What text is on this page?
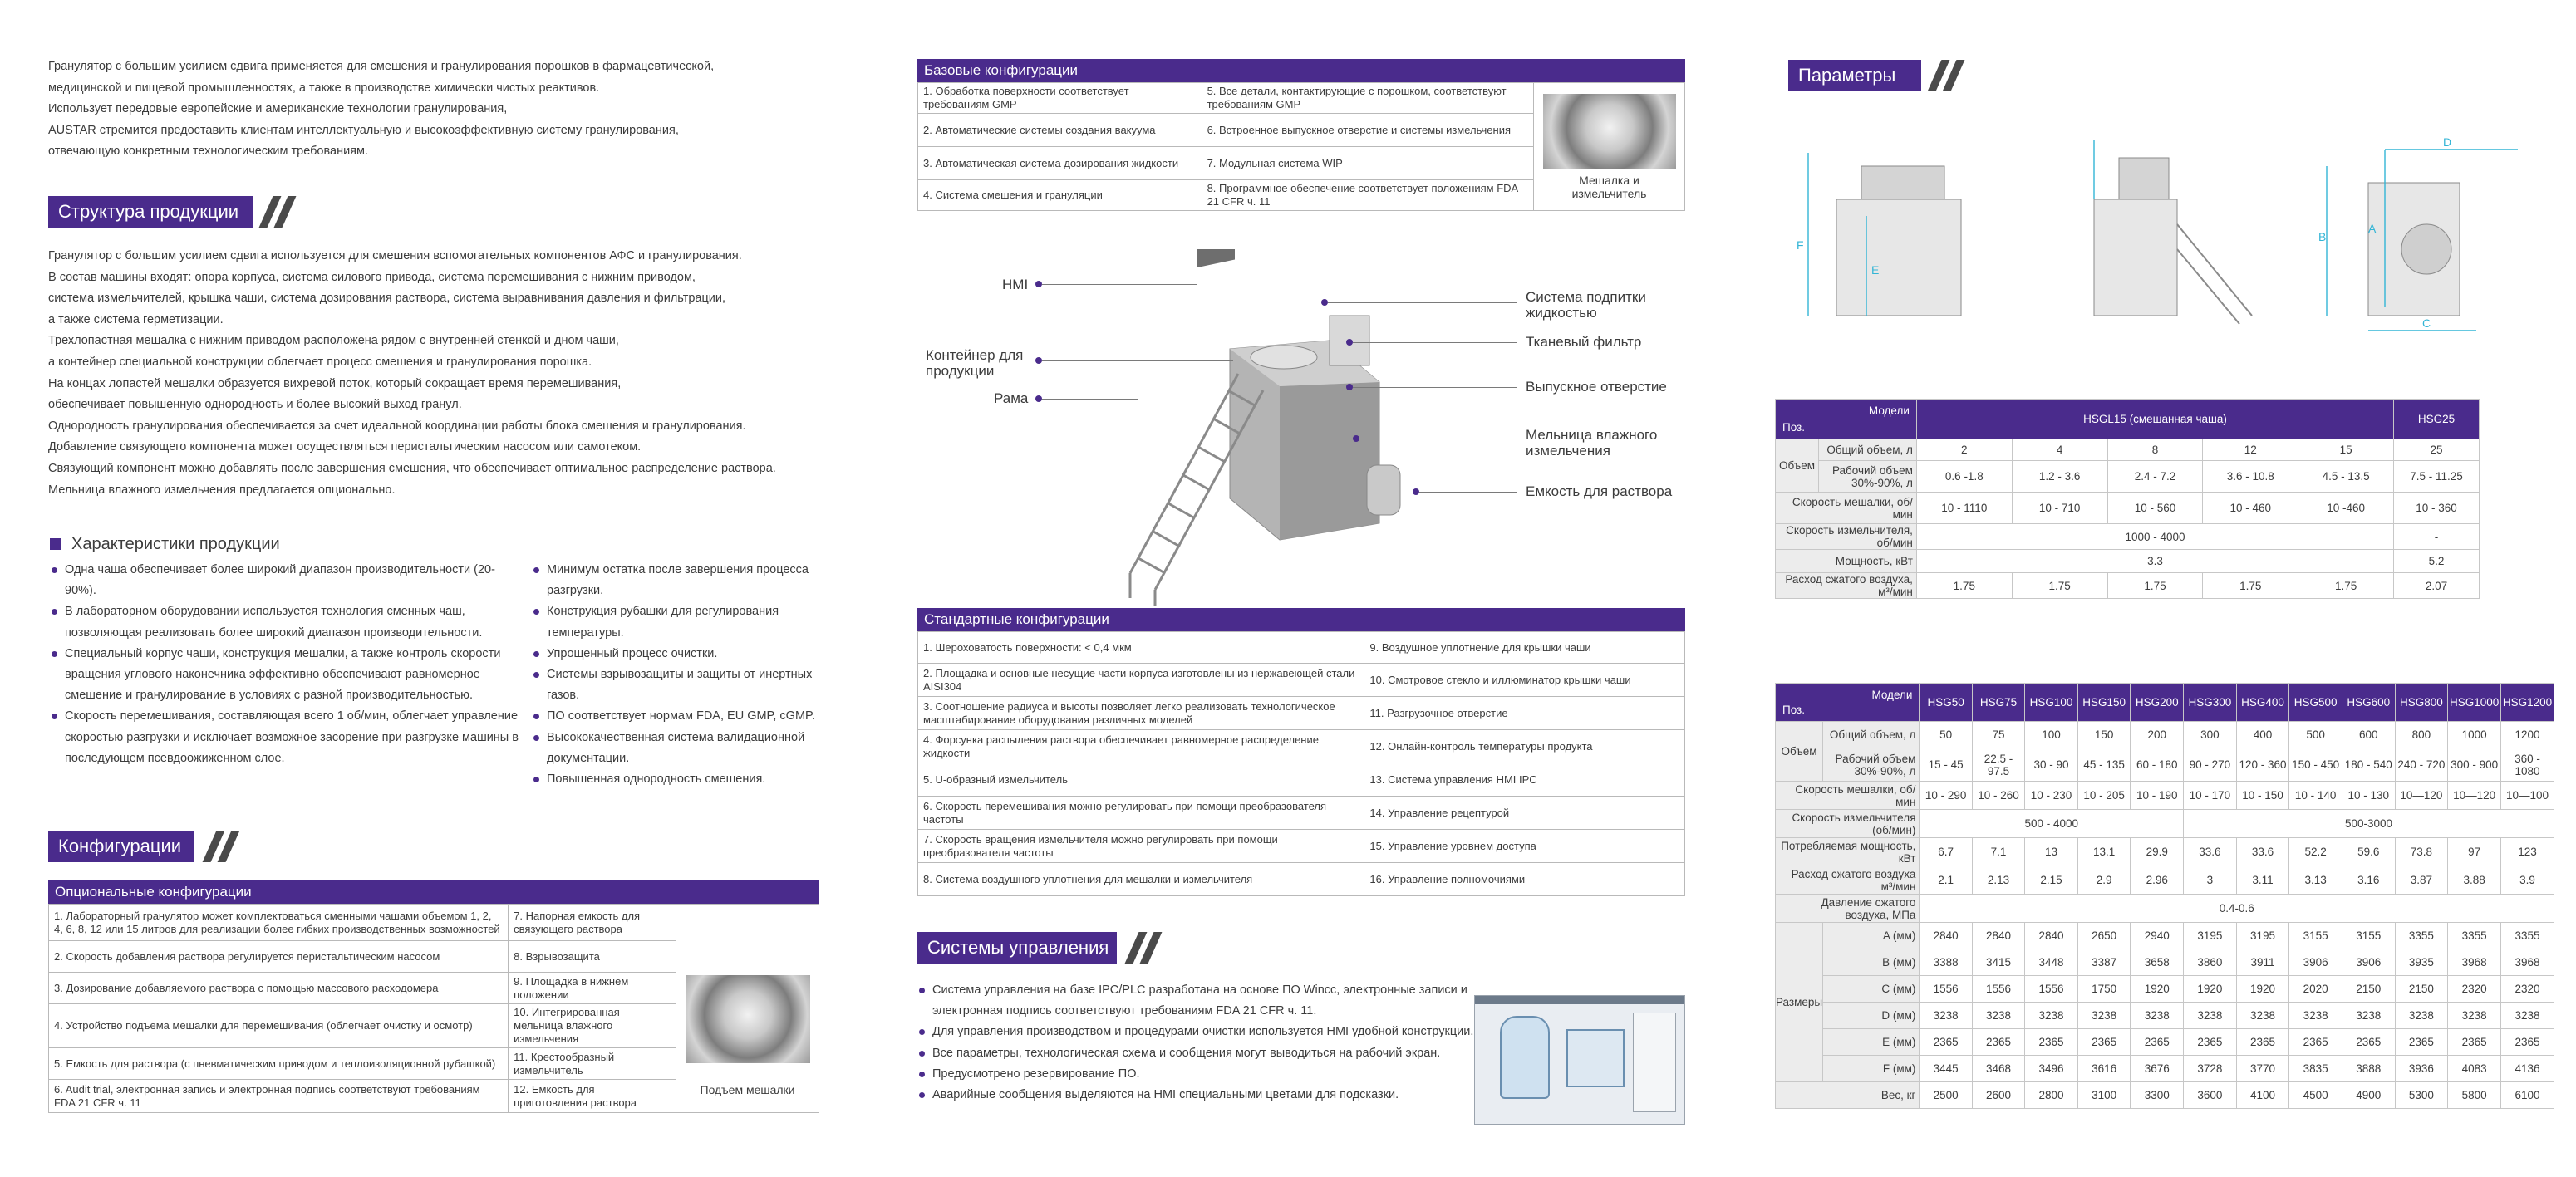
Гранулятор с большим усилием сдвига применяется для смешения и гранулирования порошков в фармацевтической,

медицинской и пищевой промышленностях, а также в производстве химически чистых реактивов.

Использует передовые европейские и американские технологии гранулирования,

AUSTAR стремится предоставить клиентам интеллектуальную и высокоэффективную систему гранулирования,

отвечающую конкретным технологическим требованиям.

Структура продукции

Гранулятор с большим усилием сдвига используется для смешения вспомогательных компонентов АФС и гранулирования.

В состав машины входят: опора корпуса, система силового привода, система перемешивания с нижним приводом,

система измельчителей, крышка чаши, система дозирования раствора, система выравнивания давления и фильтрации,

а также система герметизации.

Трехлопастная мешалка с нижним приводом расположена рядом с внутренней стенкой и дном чаши,

а контейнер специальной конструкции облегчает процесс смешения и гранулирования порошка.

На концах лопастей мешалки образуется вихревой поток, который сокращает время перемешивания,

обеспечивает повышенную однородность и более высокий выход гранул.

Однородность гранулирования обеспечивается за счет идеальной координации работы блока смешения и гранулирования.

Добавление связующего компонента может осуществляться перистальтическим насосом или самотеком.

Связующий компонент можно добавлять после завершения смешения, что обеспечивает оптимальное распределение раствора.

Мельница влажного измельчения предлагается опционально.

Характеристики продукции
Одна чаша обеспечивает более широкий диапазон производительности (20-90%).
В лабораторном оборудовании используется технология сменных чаш, позволяющая реализовать более широкий диапазон производительности.
Специальный корпус чаши, конструкция мешалки, а также контроль скорости вращения углового наконечника эффективно обеспечивают равномерное смешение и гранулирование в условиях с разной производительностью.
Скорость перемешивания, составляющая всего 1 об/мин, облегчает управление скоростью разгрузки и исключает возможное засорение при разгрузке машины в последующем псевдоожиженном слое.
Минимум остатка после завершения процесса разгрузки.
Конструкция рубашки для регулирования температуры.
Упрощенный процесс очистки.
Системы взрывозащиты и защиты от инертных газов.
ПО соответствует нормам FDA, EU GMP, cGMP.
Высококачественная система валидационной документации.
Повышенная однородность смешения.
Конфигурации
Опциональные конфигурации
1. Лабораторный гранулятор может комплектоваться сменными чашами объемом 1, 2, 4, 6, 8, 12 или 15 литров для реализации более гибких производственных возможностей	7. Напорная емкость для связующего раствора	Подъем мешалки
2. Скорость добавления раствора регулируется перистальтическим насосом	8. Взрывозащита	
3. Дозирование добавляемого раствора с помощью массового расходомера	9. Площадка в нижнем положении	
4. Устройство подъема мешалки для перемешивания (облегчает очистку и осмотр)	10. Интегрированная мельница влажного измельчения	
5. Емкость для раствора (с пневматическим приводом и теплоизоляционной рубашкой)	11. Крестообразный измельчитель	
6. Audit trial, электронная запись и электронная подпись соответствуют требованиям FDA 21 CFR ч. 11	12. Емкость для приготовления раствора	
Базовые конфигурации
1. Обработка поверхности соответствует требованиям GMP	5. Все детали, контактирующие с порошком, соответствуют требованиям GMP	Мешалка и измельчитель

2. Автоматические системы создания вакуума	6. Встроенное выпускное отверстие и системы измельчения	
3. Автоматическая система дозирования жидкости	7. Модульная система WIP	
4. Система смешения и грануляции	8. Программное обеспечение соответствует положениям FDA 21 CFR ч. 11	
HMI
Контейнер для продукции
Рама
Система подпитки жидкостью
Тканевый фильтр
Выпускное отверстие
Мельница влажного измельчения
Емкость для раствора
Стандартные конфигурации
1. Шероховатость поверхности: < 0,4 мкм	9. Воздушное уплотнение для крышки чаши
2. Площадка и основные несущие части корпуса изготовлены из нержавеющей стали AISI304	10. Смотровое стекло и иллюминатор крышки чаши
3. Соотношение радиуса и высоты позволяет легко реализовать технологическое масштабирование оборудования различных моделей	11. Разгрузочное отверстие
4. Форсунка распыления раствора обеспечивает равномерное распределение жидкости	12. Онлайн-контроль температуры продукта
5. U-образный измельчитель	13. Система управления HMI IPC
6. Скорость перемешивания можно регулировать при помощи преобразователя частоты	14. Управление рецептурой
7. Скорость вращения измельчителя можно регулировать при помощи преобразователя частоты	15. Управление уровнем доступа
8. Система воздушного уплотнения для мешалки и измельчителя	16. Управление полномочиями
Системы управления
Система управления на базе IPC/PLC разработана на основе ПО Wincc, электронные записи и электронная подпись соответствуют требованиям FDA 21 CFR ч. 11.
Для управления производством и процедурами очистки используется HMI удобной конструкции.
Все параметры, технологическая схема и сообщения могут выводиться на рабочий экран.
Предусмотрено резервирование ПО.
Аварийные сообщения выделяются на HMI специальными цветами для подсказки.
Параметры
F
E
D
A
B
C
Поз.
Модели		HSGL15 (смешанная чаша)					HSG25
Объем	Общий объем, л	2	4	8	12	15	25
	Рабочий объем 30%-90%, л	0.6 -1.8	1.2 - 3.6	2.4 - 7.2	3.6 - 10.8	4.5 - 13.5	7.5 - 11.25
Скорость мешалки, об/мин		10 - 1110	10 - 710	10 - 560	10 - 460	10 -460	10 - 360
Скорость измельчителя, об/мин		1000 - 4000					-
Мощность, кВт		3.3					5.2
Расход сжатого воздуха, м³/мин		1.75	1.75	1.75	1.75	1.75	2.07
Поз.
Модели		HSG50	HSG75	HSG100	HSG150	HSG200	HSG300	HSG400	HSG500	HSG600	HSG800	HSG1000	HSG1200
Объем	Общий объем, л	50	75	100	150	200	300	400	500	600	800	1000	1200
	Рабочий объем 30%-90%, л	15 - 45	22.5 - 97.5	30 - 90	45 - 135	60 - 180	90 - 270	120 - 360	150 - 450	180 - 540	240 - 720	300 - 900	360 - 1080
Скорость мешалки, об/мин		10 - 290	10 - 260	10 - 230	10 - 205	10 - 190	10 - 170	10 - 150	10 - 140	10 - 130	10—120	10—120	10—100
Скорость измельчителя (об/мин)		500 - 4000					500-3000						
Потребляемая мощность, кВт		6.7	7.1	13	13.1	29.9	33.6	33.6	52.2	59.6	73.8	97	123
Расход сжатого воздуха м³/мин		2.1	2.13	2.15	2.9	2.96	3	3.11	3.13	3.16	3.87	3.88	3.9
Давление сжатого воздуха, МПа		0.4-0.6											
Размеры	A (мм)	2840	2840	2840	2650	2940	3195	3195	3155	3155	3355	3355	3355
	B (мм)	3388	3415	3448	3387	3658	3860	3911	3906	3906	3935	3968	3968
	C (мм)	1556	1556	1556	1750	1920	1920	1920	2020	2150	2150	2320	2320
	D (мм)	3238	3238	3238	3238	3238	3238	3238	3238	3238	3238	3238	3238
	E (мм)	2365	2365	2365	2365	2365	2365	2365	2365	2365	2365	2365	2365
	F (мм)	3445	3468	3496	3616	3676	3728	3770	3835	3888	3936	4083	4136
Вес, кг		2500	2600	2800	3100	3300	3600	4100	4500	4900	5300	5800	6100
